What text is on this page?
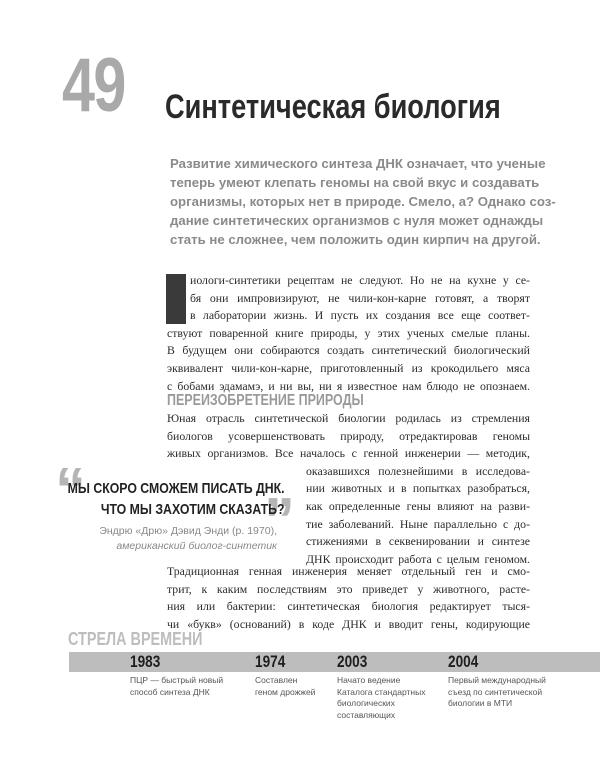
49 Синтетическая биология
Развитие химического синтеза ДНК означает, что ученые
теперь умеют клепать геномы на свой вкус и создавать
организмы, которых нет в природе. Смело, а? Однако соз-
дание синтетических организмов с нуля может однажды
стать не сложнее, чем положить один кирпич на другой.
иологи-синтетики рецептам не следуют. Но не на кухне у се-
бя они импровизируют, не чили-кон-карне готовят, а творят
в лаборатории жизнь. И пусть их создания все еще соответ-
ствуют поваренной книге природы, у этих ученых смелые планы.
В будущем они собираются создать синтетический биологический
эквивалент чили-кон-карне, приготовленный из крокодильего мяса
с бобами эдамамэ, и ни вы, ни я известное нам блюдо не опознаем.
ПЕРЕИЗОБРЕТЕНИЕ ПРИРОДЫ
Юная отрасль синтетической биологии родилась из стремления
биологов усовершенствовать природу, отредактировав геномы
живых организмов. Все началось с генной инженерии — методик,
оказавшихся полезнейшими в исследова-
нии животных и в попытках разобраться,
как определенные гены влияют на разви-
тие заболеваний. Ныне параллельно с до-
стижениями в секвенировании и синтезе
ДНК происходит работа с целым геномом.
“	”
МЫ СКОРО СМОЖЕМ ПИСАТЬ ДНК.
ЧТО МЫ ЗАХОТИМ СКАЗАТЬ?
Эндрю «Дрю» Дэвид Энди (р. 1970),
американский биолог-синтетик
Традиционная генная инженерия меняет отдельный ген и смо-
трит, к каким последствиям это приведет у животного, расте-
ния или бактерии: синтетическая биология редактирует тыся-
чи «букв» (оснований) в коде ДНК и вводит гены, кодирующие
СТРЕЛА ВРЕМЕНИ
1983
ПЦР — быстрый новый
способ синтеза ДНК
1974
Составлен
геном дрожжей
2003
Начато ведение
Каталога стандартных
биологических
составляющих
2004
Первый международный
съезд по синтетической
биологии в МТИ
